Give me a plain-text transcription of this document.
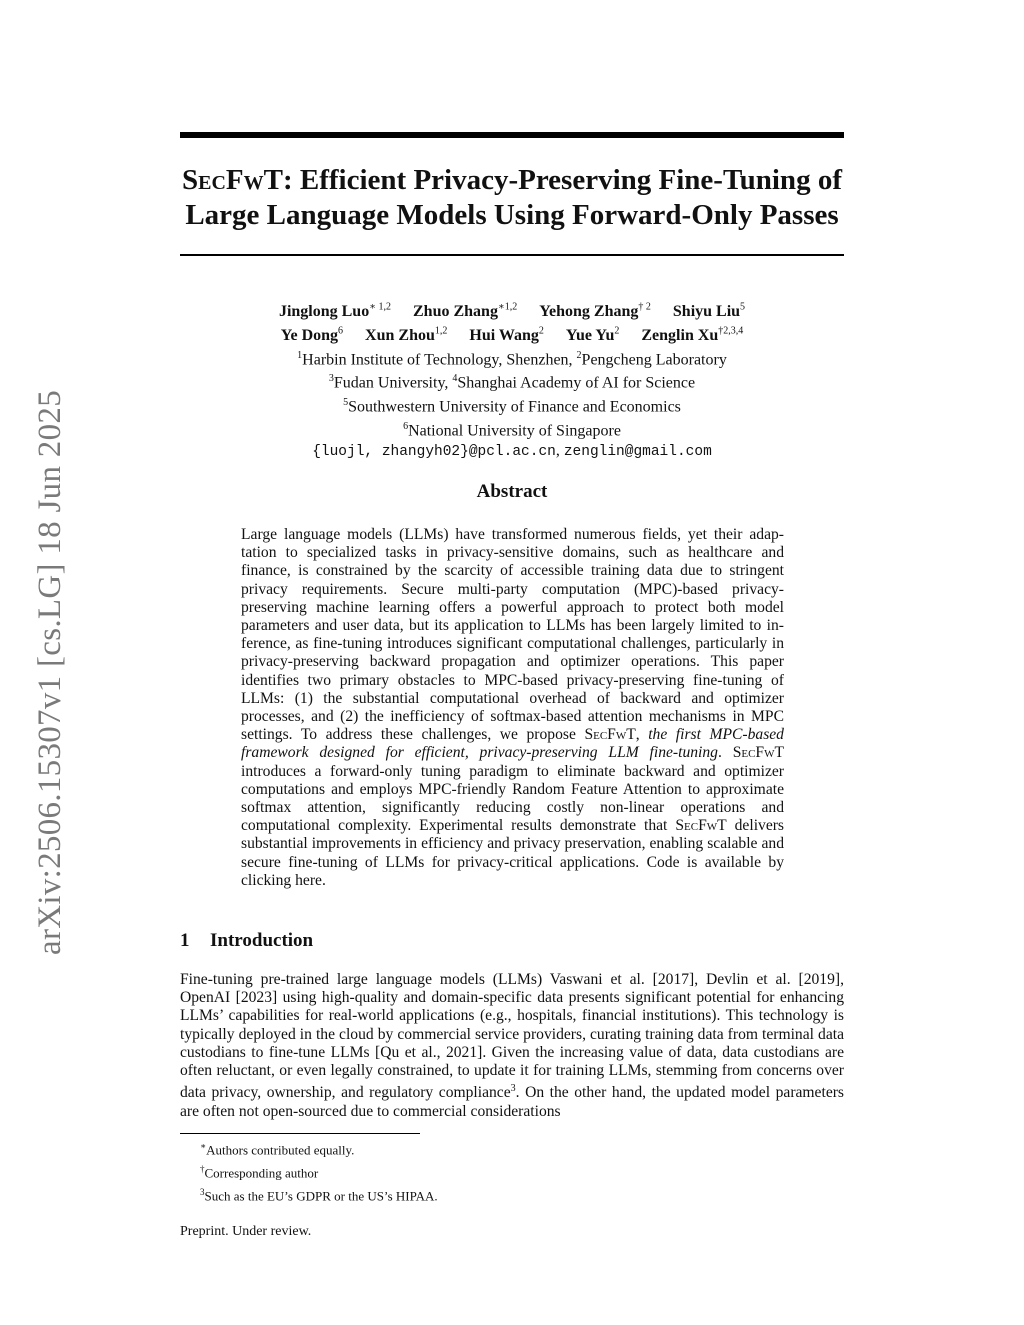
arXiv:2506.15307v1 [cs.LG] 18 Jun 2025
SecFwT: Efficient Privacy-Preserving Fine-Tuning of
Large Language Models Using Forward-Only Passes
Jinglong Luo$^{∗ 1,2}$ Zhuo Zhang$^{∗1,2}$ Yehong Zhang$^{\dagger 2}$ Shiyu Liu$^5$
Ye Dong$^6$ Xun Zhou$^{1,2}$ Hui Wang$^2$ Yue Yu$^2$ Zenglin Xu$^{\dagger 2,3,4}$
$^1$Harbin Institute of Technology, Shenzhen, $^2$Pengcheng Laboratory
$^3$Fudan University, $^4$Shanghai Academy of AI for Science
$^5$Southwestern University of Finance and Economics
$^6$National University of Singapore
{luojl, zhangyh02}@pcl.ac.cn, zenglin@gmail.com
Abstract
Large language models (LLMs) have transformed numerous fields, yet their adaptation to specialized tasks in privacy-sensitive domains, such as healthcare and finance, is constrained by the scarcity of accessible training data due to stringent privacy requirements. Secure multi-party computation (MPC)-based privacy-preserving machine learning offers a powerful approach to protect both model parameters and user data, but its application to LLMs has been largely limited to inference, as fine-tuning introduces significant computational challenges, particularly in privacy-preserving backward propagation and optimizer operations. This paper identifies two primary obstacles to MPC-based privacy-preserving fine-tuning of LLMs: (1) the substantial computational overhead of backward and optimizer processes, and (2) the inefficiency of softmax-based attention mechanisms in MPC settings. To address these challenges, we propose SecFwT, the first MPC-based framework designed for efficient, privacy-preserving LLM fine-tuning. SecFwT introduces a forward-only tuning paradigm to eliminate backward and optimizer computations and employs MPC-friendly Random Feature Attention to approximate softmax attention, significantly reducing costly non-linear operations and computational complexity. Experimental results demonstrate that SecFwT delivers substantial improvements in efficiency and privacy preservation, enabling scalable and secure fine-tuning of LLMs for privacy-critical applications. Code is available by clicking here.
1 Introduction
Fine-tuning pre-trained large language models (LLMs) Vaswani et al. [2017], Devlin et al. [2019], OpenAI [2023] using high-quality and domain-specific data presents significant potential for enhancing LLMs’ capabilities for real-world applications (e.g., hospitals, financial institutions). This technology is typically deployed in the cloud by commercial service providers, curating training data from terminal data custodians to fine-tune LLMs [Qu et al., 2021]. Given the increasing value of data, data custodians are often reluctant, or even legally constrained, to update it for training LLMs, stemming from concerns over data privacy, ownership, and regulatory compliance$^3$. On the other hand, the updated model parameters are often not open-sourced due to commercial considerations
∗Authors contributed equally.
†Corresponding author
$^3$Such as the EU’s GDPR or the US’s HIPAA.
Preprint. Under review.
